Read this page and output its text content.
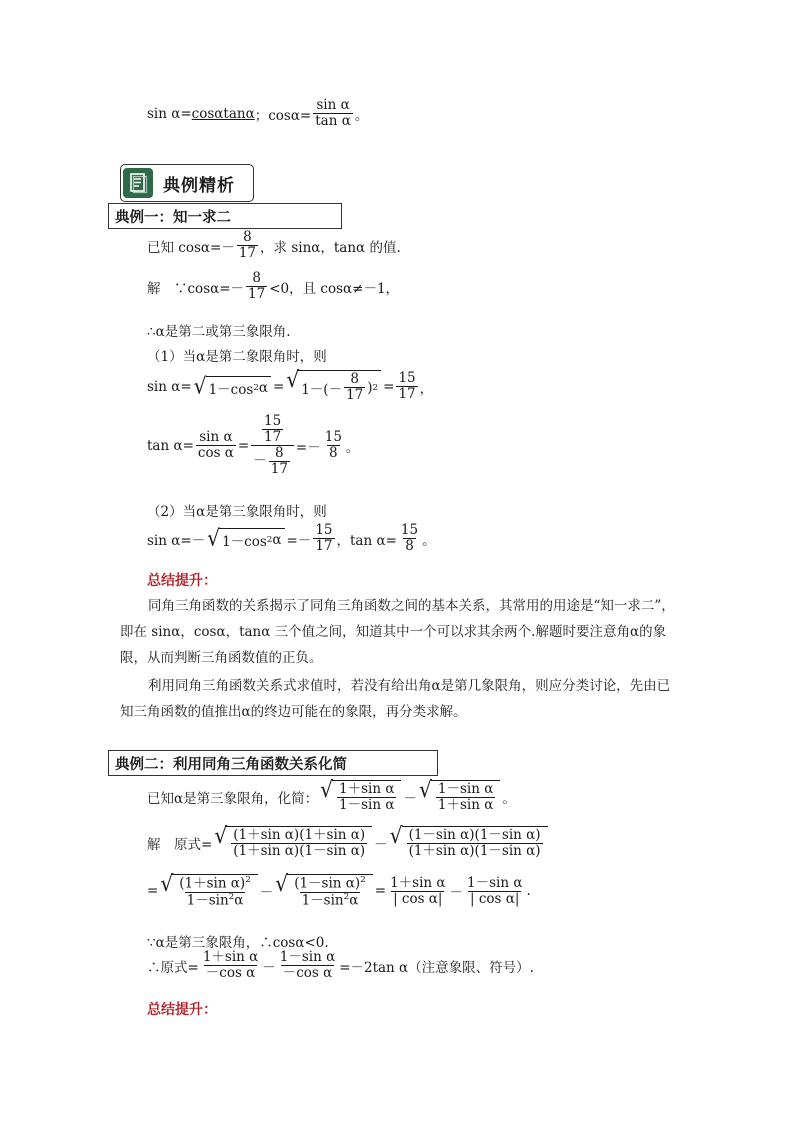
sin α= cosαtanα ；$\cos\alpha= \frac{\text{sin α}}{\text{tan α}}$ 。
典例精析
典例一：知一求二
已知 $\cos\alpha=- \frac{8}{17}$ ，求 sinα，tanα 的值.
解　∵cosα=－ $\frac{8}{17} <0$，且 cosα≠－1，
∴α是第二或第三象限角.
（1）当α是第二象限角时，则
sin α= √ 1－cos 2 α = √ $1-(- \frac{8}{17}$ ) $2 = \frac{15}{17}$ ，
$\tan \alpha= \frac{\text{sin α}}{\text{cos α}} = \frac{\frac{15}{17}}{- \frac{8}{17}} =- \frac{15}{8}$ 。
（2）当α是第三象限角时，则
sin α=－ √ 1－cos 2 $\alpha =- \frac{15}{17}$ ，$\tan \alpha= \frac{15}{8}$ 。
总结提升：
同角三角函数的关系揭示了同角三角函数之间的基本关系，其常用的用途是“知一求二”，即在 sinα，cosα，tanα 三个值之间，知道其中一个可以求其余两个.解题时要注意角α的象限，从而判断三角函数值的正负。
利用同角三角函数关系式求值时，若没有给出角α是第几象限角，则应分类讨论，先由已知三角函数的值推出α的终边可能在的象限，再分类求解。
典例二：利用同角三角函数关系化简
已知α是第三象限角，化简： √ $\frac{\text{1＋sin α}}{\text{1－sin α}}$ － √ $\frac{\text{1－sin α}}{\text{1＋sin α}}$ 。
解　原式= √ $\frac{\text{(1＋sin α)(1＋sin α)}}{\text{(1＋sin α)(1－sin α)}}$ － √ $\frac{\text{(1－sin α)(1－sin α)}}{\text{(1＋sin α)(1－sin α)}}$
= √ $\frac{(1+\sin \alpha)^2}{1-\sin^2\alpha}$ － √ $\frac{(1-\sin \alpha)^2}{1-\sin^2\alpha} = \frac{\text{1＋sin α}}{\text{| cos α|}} - \frac{\text{1－sin α}}{\text{| cos α|}}$ .
∵α是第三象限角，∴cosα<0.
∴原式= $\frac{\text{1＋sin α}}{\text{－cos α}} - \frac{\text{1－sin α}}{\text{－cos α}} =-2\tan$ α（注意象限、符号）.
总结提升：
